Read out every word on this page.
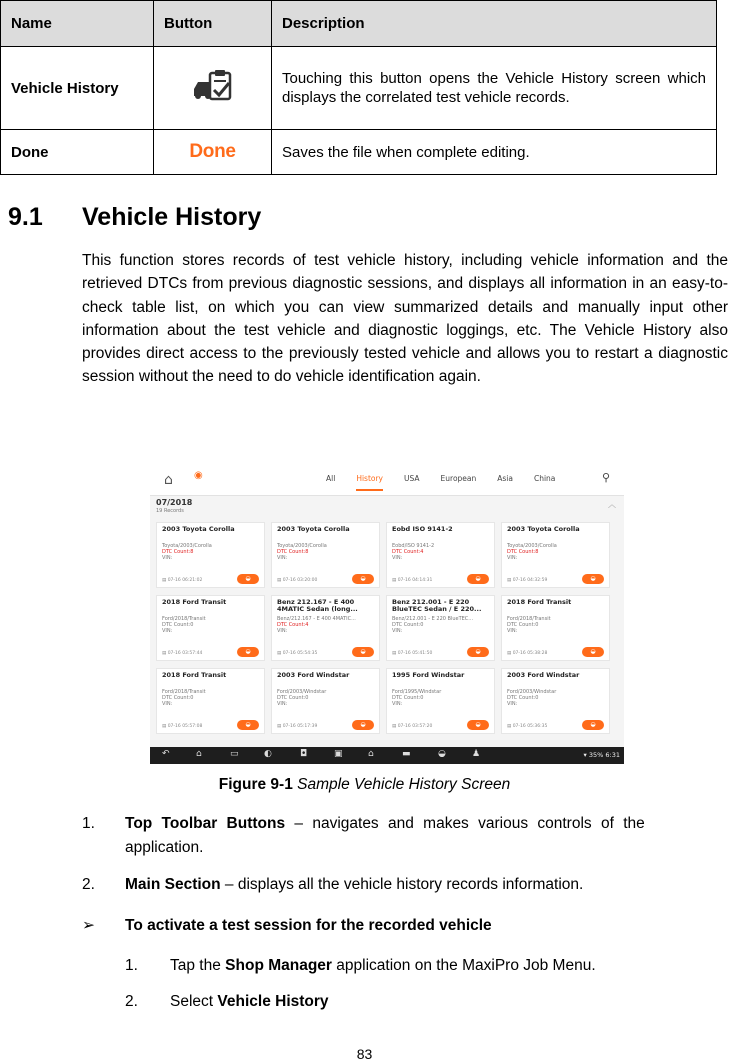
Name	Button	Description
Vehicle History		Touching this button opens the Vehicle History screen which displays the correlated test vehicle records.
Done	Done	Saves the file when complete editing.
9.1 Vehicle History

This function stores records of test vehicle history, including vehicle information and the retrieved DTCs from previous diagnostic sessions, and displays all information in an easy-to-check table list, on which you can view summarized details and manually input other information about the test vehicle and diagnostic loggings, etc. The Vehicle History also provides direct access to the previously tested vehicle and allows you to restart a diagnostic session without the need to do vehicle identification again.

⌂ ◉	All	History	USA	European	Asia	China	⚲
07/2018
19 Records
︿
2003 Toyota Corolla
Toyota/2003/Corolla
DTC Count:8
VIN:
▤ 07-16 06:21:02	◒
2003 Toyota Corolla
Toyota/2003/Corolla
DTC Count:8
VIN:
▤ 07-16 03:20:00	◒
Eobd ISO 9141-2
Eobd/ISO 9141-2
DTC Count:4
VIN:
▤ 07-16 04:14:31	◒
2003 Toyota Corolla
Toyota/2003/Corolla
DTC Count:8
VIN:
▤ 07-16 04:32:59	◒
2018 Ford Transit
Ford/2018/Transit
DTC Count:0
VIN:
▤ 07-16 03:57:44	◒
Benz 212.167 - E 400 4MATIC Sedan (long...
Benz/212.167 - E 400 4MATIC...
DTC Count:4
VIN:
▤ 07-16 05:54:35	◒
Benz 212.001 - E 220 BlueTEC Sedan / E 220...
Benz/212.001 - E 220 BlueTEC...
DTC Count:0
VIN:
▤ 07-16 05:41:50	◒
2018 Ford Transit
Ford/2018/Transit
DTC Count:0
VIN:
▤ 07-16 05:38:28	◒
2018 Ford Transit
Ford/2018/Transit
DTC Count:0
VIN:
▤ 07-16 05:57:08	◒
2003 Ford Windstar
Ford/2003/Windstar
DTC Count:0
VIN:
▤ 07-16 05:17:39	◒
1995 Ford Windstar
Ford/1995/Windstar
DTC Count:0
VIN:
▤ 07-16 03:57:20	◒
2003 Ford Windstar
Ford/2003/Windstar
DTC Count:0
VIN:
▤ 07-16 05:36:35	◒
↶	⌂	▭	◐	◘	▣	⌂	▬	◒	♟	▾ 35% 6:31
Figure 9-1 Sample Vehicle History Screen
1. Top Toolbar Buttons – navigates and makes various controls of the
application.
2. Main Section – displays all the vehicle history records information.
➢ To activate a test session for the recorded vehicle
1. Tap the Shop Manager application on the MaxiPro Job Menu.
2. Select Vehicle History
83
